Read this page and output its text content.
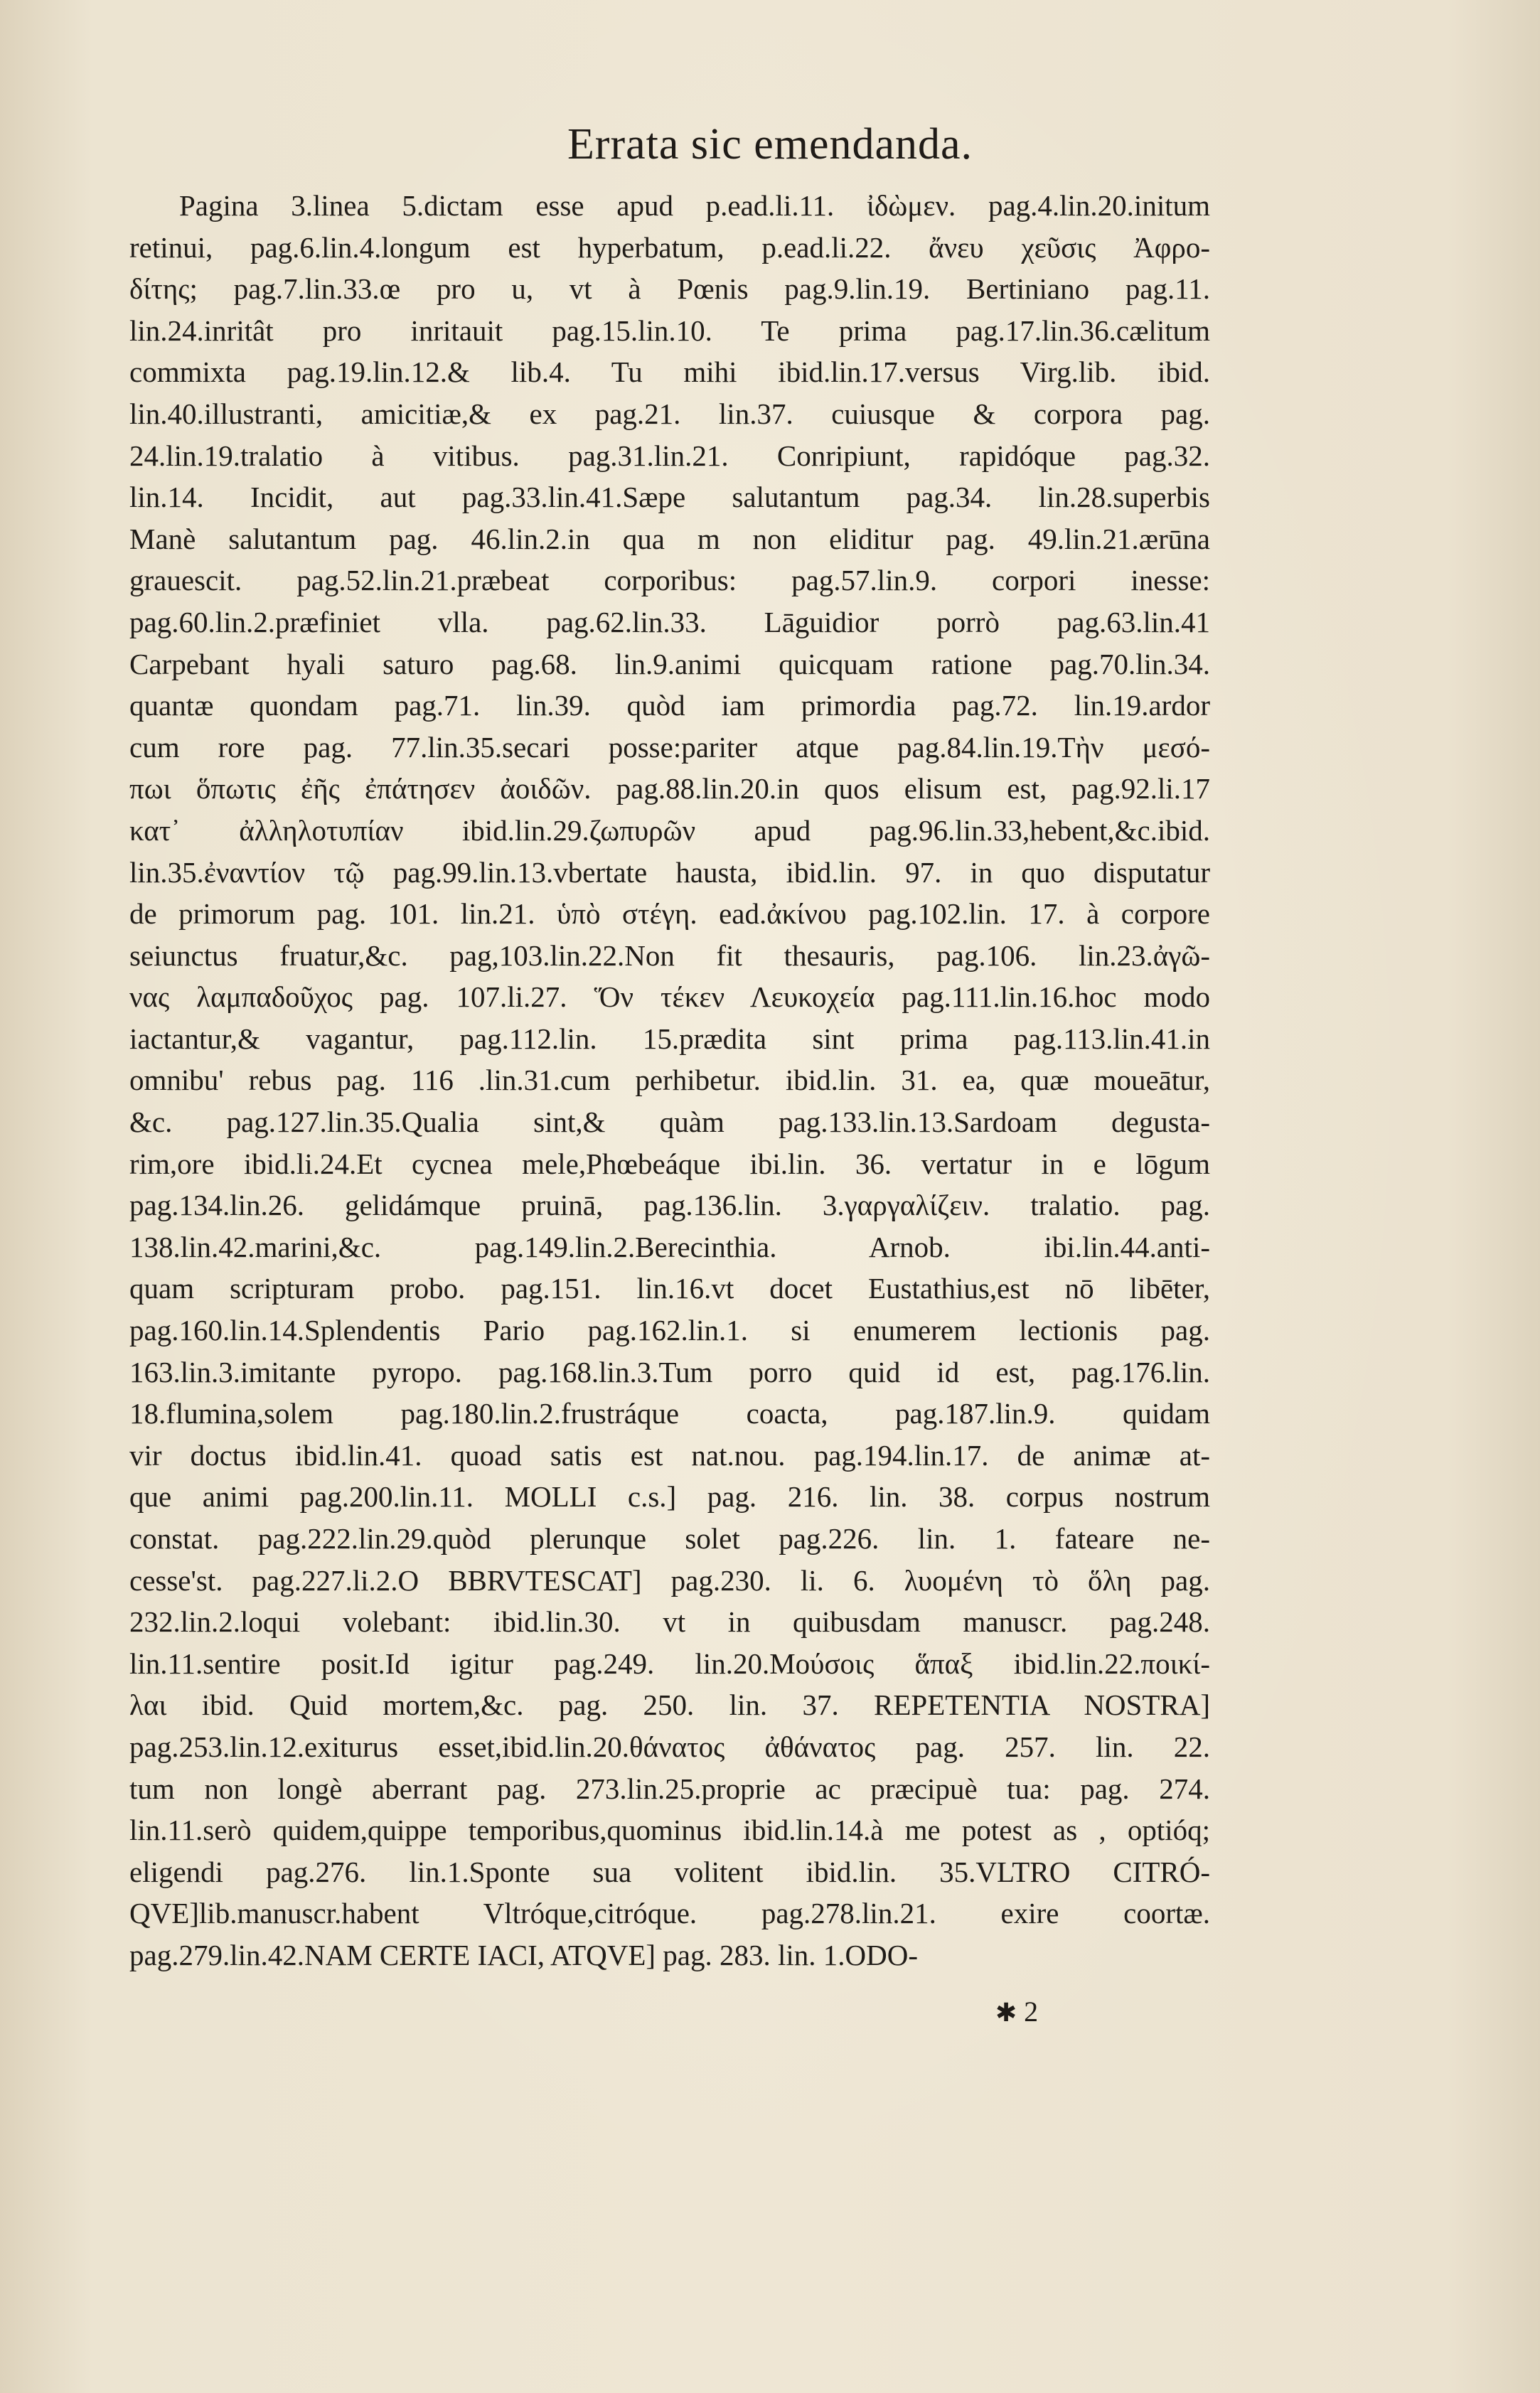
Errata sic emendanda.
Pagina 3.linea 5.dictam esse apud p.ead.li.11. ἰδὼμεν. pag.4.lin.20.initum
retinui, pag.6.lin.4.longum est hyperbatum, p.ead.li.22. ἄνευ χεῦσις Ἀφρο-
δίτης; pag.7.lin.33.œ pro u, vt à Pœnis pag.9.lin.19. Bertiniano pag.11.
lin.24.inritât pro inritauit pag.15.lin.10. Te prima pag.17.lin.36.cælitum
commixta pag.19.lin.12.& lib.4. Tu mihi ibid.lin.17.versus Virg.lib. ibid.
lin.40.illustranti, amicitiæ,& ex pag.21. lin.37. cuiusque & corpora pag.
24.lin.19.tralatio à vitibus. pag.31.lin.21. Conripiunt, rapidóque pag.32.
lin.14. Incidit, aut pag.33.lin.41.Sæpe salutantum pag.34. lin.28.superbis
Manè salutantum pag. 46.lin.2.in qua m non eliditur pag. 49.lin.21.ærūna
grauescit. pag.52.lin.21.præbeat corporibus: pag.57.lin.9. corpori inesse:
pag.60.lin.2.præfiniet vlla. pag.62.lin.33. Lāguidior porrò pag.63.lin.41
Carpebant hyali saturo pag.68. lin.9.animi quicquam ratione pag.70.lin.34.
quantæ quondam pag.71. lin.39. quòd iam primordia pag.72. lin.19.ardor
cum rore pag. 77.lin.35.secari posse:pariter atque pag.84.lin.19.Τὴν μεσό-
πωι ὅπωτις ἐῆς ἐπάτησεν ἀοιδῶν. pag.88.lin.20.in quos elisum est, pag.92.li.17
κατ᾽ ἀλληλοτυπίαν ibid.lin.29.ζωπυρῶν apud pag.96.lin.33,hebent,&c.ibid.
lin.35.ἐναντίον τῷ pag.99.lin.13.vbertate hausta, ibid.lin. 97. in quo disputatur
de primorum pag. 101. lin.21. ὑπὸ στέγη. ead.ἀκίνου pag.102.lin. 17. à corpore
seiunctus fruatur,&c. pag,103.lin.22.Non fit thesauris, pag.106. lin.23.ἀγῶ-
νας λαμπαδοῦχος pag. 107.li.27. Ὅν τέκεν Λευκοχεία pag.111.lin.16.hoc modo
iactantur,& vagantur, pag.112.lin. 15.prædita sint prima pag.113.lin.41.in
omnibu' rebus pag. 116 .lin.31.cum perhibetur. ibid.lin. 31. ea, quæ moueātur,
&c. pag.127.lin.35.Qualia sint,& quàm pag.133.lin.13.Sardoam degusta-
rim,ore ibid.li.24.Et cycnea mele,Phœbeáque ibi.lin. 36. vertatur in e lōgum
pag.134.lin.26. gelidámque pruinā, pag.136.lin. 3.γαργαλίζειν. tralatio. pag.
138.lin.42.marini,&c. pag.149.lin.2.Berecinthia. Arnob. ibi.lin.44.anti-
quam scripturam probo. pag.151. lin.16.vt docet Eustathius,est nō libēter,
pag.160.lin.14.Splendentis Pario pag.162.lin.1. si enumerem lectionis pag.
163.lin.3.imitante pyropo. pag.168.lin.3.Tum porro quid id est, pag.176.lin.
18.flumina,solem pag.180.lin.2.frustráque coacta, pag.187.lin.9. quidam
vir doctus ibid.lin.41. quoad satis est nat.nou. pag.194.lin.17. de animæ at-
que animi pag.200.lin.11. MOLLI c.s.] pag. 216. lin. 38. corpus nostrum
constat. pag.222.lin.29.quòd plerunque solet pag.226. lin. 1. fateare ne-
cesse'st. pag.227.li.2.O BBRVTESCAT] pag.230. li. 6. λυομένη τὸ ὅλη pag.
232.lin.2.loqui volebant: ibid.lin.30. vt in quibusdam manuscr. pag.248.
lin.11.sentire posit.Id igitur pag.249. lin.20.Μούσοις ἅπαξ ibid.lin.22.ποικί-
λαι ibid. Quid mortem,&c. pag. 250. lin. 37. REPETENTIA NOSTRA]
pag.253.lin.12.exiturus esset,ibid.lin.20.θάνατος ἀθάνατος pag. 257. lin. 22.
tum non longè aberrant pag. 273.lin.25.proprie ac præcipuè tua: pag. 274.
lin.11.serò quidem,quippe temporibus,quominus ibid.lin.14.à me potest as , optióq;
eligendi pag.276. lin.1.Sponte sua volitent ibid.lin. 35.VLTRO CITRÓ-
QVE]lib.manuscr.habent Vltróque,citróque. pag.278.lin.21. exire coortæ.
pag.279.lin.42.NAM CERTE IACI, ATQVE] pag. 283. lin. 1.ODO-
✱ 2
